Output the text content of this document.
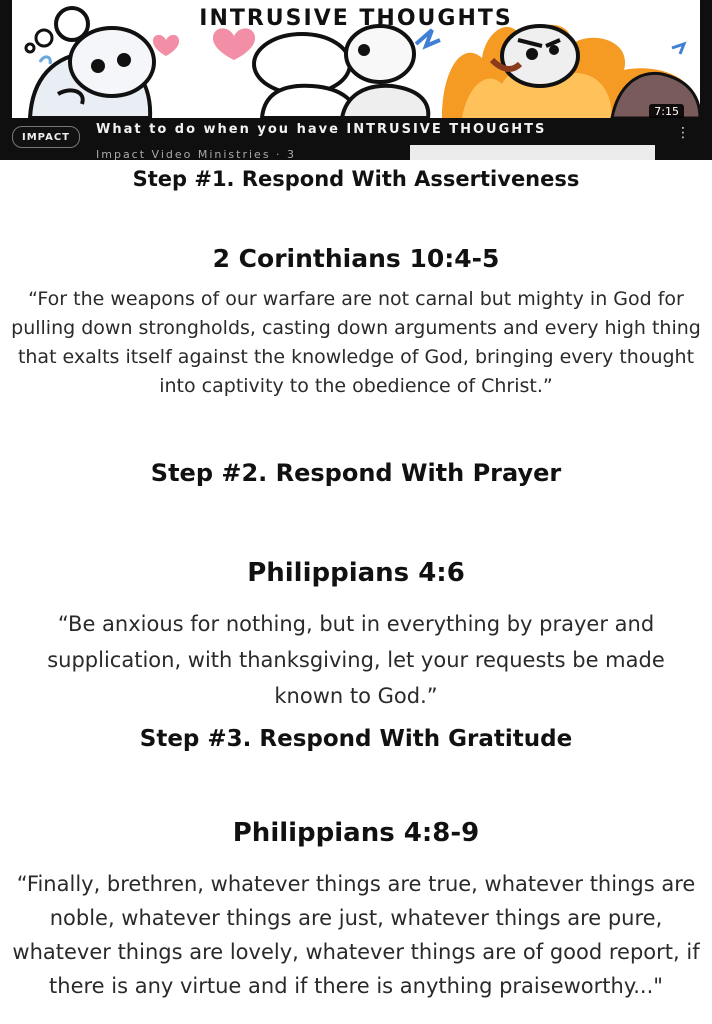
INTRUSIVE THOUGHTS
7:15
IMPACT	What to do when you have INTRUSIVE THOUGHTS
Impact Video Ministries · 3
⋮
Step #1. Respond With Assertiveness
2 Corinthians 10:4-5

“For the weapons of our warfare are not carnal but mighty in God for pulling down strongholds, casting down arguments and every high thing that exalts itself against the knowledge of God, bringing every thought into captivity to the obedience of Christ.”

Step #2. Respond With Prayer
Philippians 4:6

“Be anxious for nothing, but in everything by prayer and supplication, with thanksgiving, let your requests be made known to God.”

Step #3. Respond With Gratitude
Philippians 4:8-9

“Finally, brethren, whatever things are true, whatever things are noble, whatever things are just, whatever things are pure, whatever things are lovely, whatever things are of good report, if there is any virtue and if there is anything praiseworthy..."
